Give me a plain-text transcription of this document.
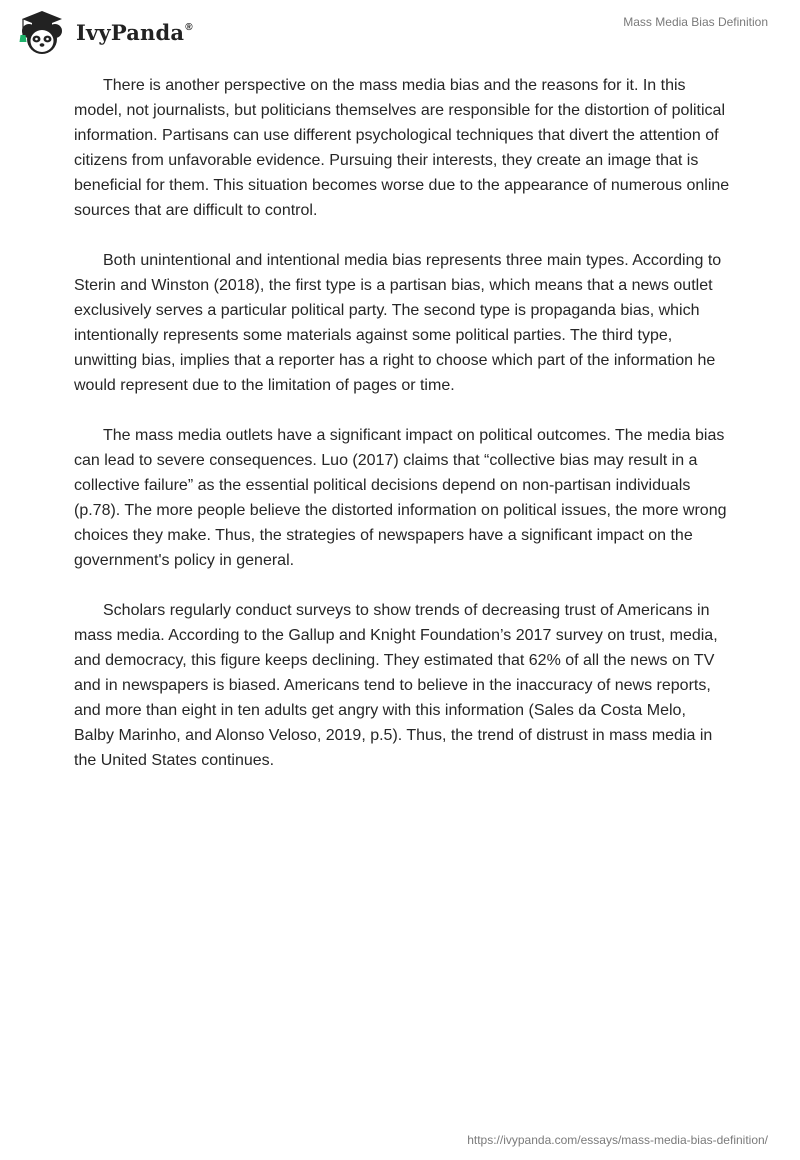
IvyPanda®	Mass Media Bias Definition

There is another perspective on the mass media bias and the reasons for it. In this model, not journalists, but politicians themselves are responsible for the distortion of political information. Partisans can use different psychological techniques that divert the attention of citizens from unfavorable evidence. Pursuing their interests, they create an image that is beneficial for them. This situation becomes worse due to the appearance of numerous online sources that are difficult to control.

Both unintentional and intentional media bias represents three main types. According to Sterin and Winston (2018), the first type is a partisan bias, which means that a news outlet exclusively serves a particular political party. The second type is propaganda bias, which intentionally represents some materials against some political parties. The third type, unwitting bias, implies that a reporter has a right to choose which part of the information he would represent due to the limitation of pages or time.

The mass media outlets have a significant impact on political outcomes. The media bias can lead to severe consequences. Luo (2017) claims that “collective bias may result in a collective failure” as the essential political decisions depend on non-partisan individuals (p.78). The more people believe the distorted information on political issues, the more wrong choices they make. Thus, the strategies of newspapers have a significant impact on the government's policy in general.

Scholars regularly conduct surveys to show trends of decreasing trust of Americans in mass media. According to the Gallup and Knight Foundation’s 2017 survey on trust, media, and democracy, this figure keeps declining. They estimated that 62% of all the news on TV and in newspapers is biased. Americans tend to believe in the inaccuracy of news reports, and more than eight in ten adults get angry with this information (Sales da Costa Melo, Balby Marinho, and Alonso Veloso, 2019, p.5). Thus, the trend of distrust in mass media in the United States continues.

https://ivypanda.com/essays/mass-media-bias-definition/
